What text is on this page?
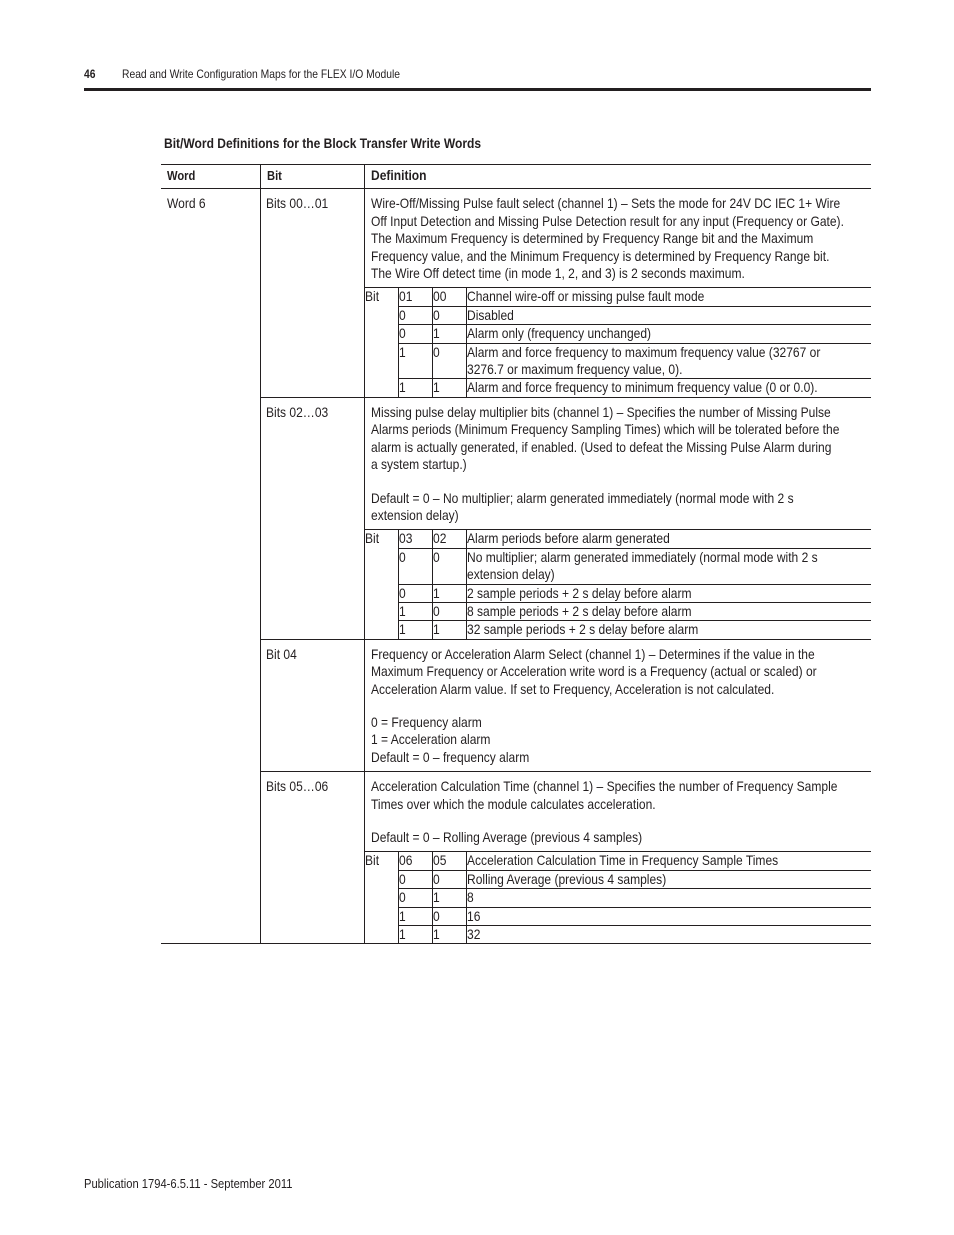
46 Read and Write Configuration Maps for the FLEX I/O Module
Bit/Word Definitions for the Block Transfer Write Words
Word	Bit	Definition
Word 6	Bits 00…01	Wire-Off/Missing Pulse fault select (channel 1) – Sets the mode for 24V DC IEC 1+ Wire
Off Input Detection and Missing Pulse Detection result for any input (Frequency or Gate).
The Maximum Frequency is determined by Frequency Range bit and the Maximum
Frequency value, and the Minimum Frequency is determined by Frequency Range bit.
The Wire Off detect time (in mode 1, 2, and 3) is 2 seconds maximum.
Bit	01	00	Channel wire-off or missing pulse fault mode

0	0	Disabled

0	1	Alarm only (frequency unchanged)

1	0	Alarm and force frequency to maximum frequency value (32767 or
3276.7 or maximum frequency value, 0).

1	1	Alarm and force frequency to minimum frequency value (0 or 0.0).

Bits 02…03	Missing pulse delay multiplier bits (channel 1) – Specifies the number of Missing Pulse
Alarms periods (Minimum Frequency Sampling Times) which will be tolerated before the
alarm is actually generated, if enabled. (Used to defeat the Missing Pulse Alarm during
a system startup.)
Default = 0 – No multiplier; alarm generated immediately (normal mode with 2 s
extension delay)
Bit	03	02	Alarm periods before alarm generated

0	0	No multiplier; alarm generated immediately (normal mode with 2 s
extension delay)

0	1	2 sample periods + 2 s delay before alarm

1	0	8 sample periods + 2 s delay before alarm

1	1	32 sample periods + 2 s delay before alarm

Bit 04	Frequency or Acceleration Alarm Select (channel 1) – Determines if the value in the
Maximum Frequency or Acceleration write word is a Frequency (actual or scaled) or
Acceleration Alarm value. If set to Frequency, Acceleration is not calculated.
0 = Frequency alarm
1 = Acceleration alarm
Default = 0 – frequency alarm

Bits 05…06	Acceleration Calculation Time (channel 1) – Specifies the number of Frequency Sample
Times over which the module calculates acceleration.
Default = 0 – Rolling Average (previous 4 samples)
Bit	06	05	Acceleration Calculation Time in Frequency Sample Times

0	0	Rolling Average (previous 4 samples)

0	1	8

1	0	16

1	1	32
Publication 1794-6.5.11 - September 2011
